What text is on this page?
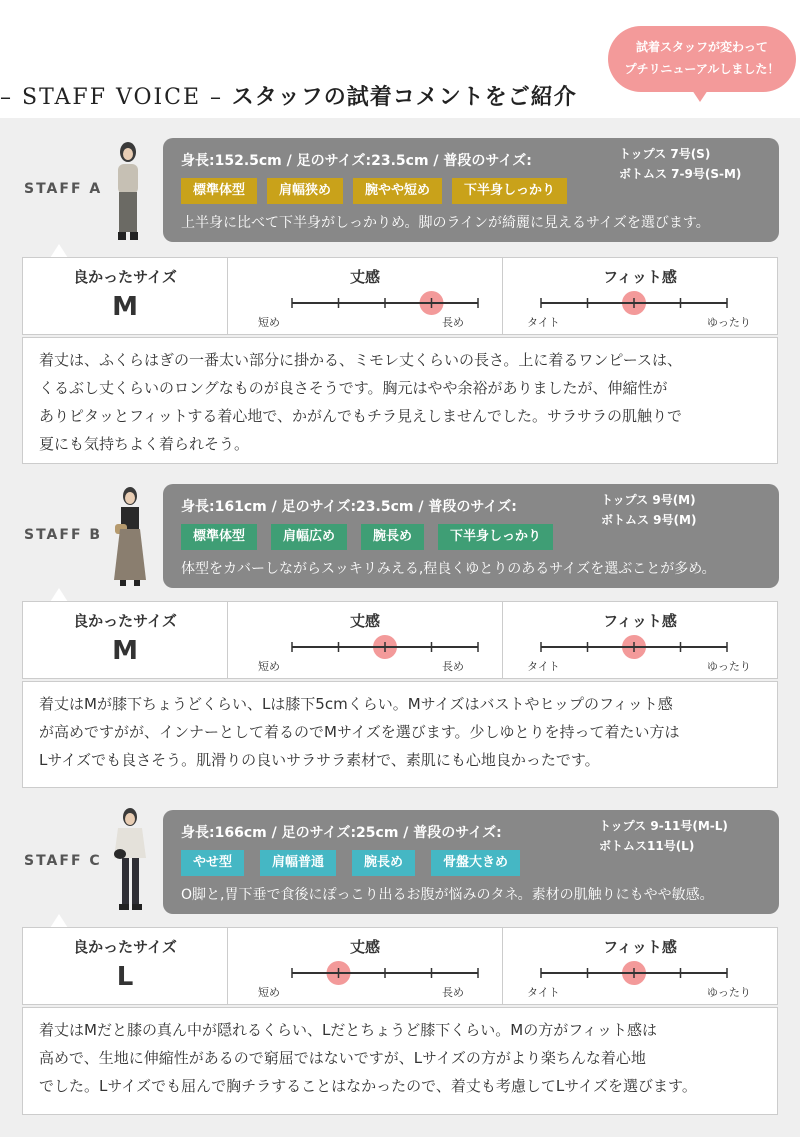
– STAFF VOICE – スタッフの試着コメントをご紹介
試着スタッフが変わって
プチリニューアルしました！
STAFF A
身長:152.5cm / 足のサイズ:23.5cm / 普段のサイズ:	トップス 7号(S)
ボトムス 7-9号(S-M)
標準体型	肩幅狭め	腕やや短め	下半身しっかり
上半身に比べて下半身がしっかりめ。脚のラインが綺麗に見えるサイズを選びます。
良かったサイズ
M
丈感
短め	長め
フィット感
タイト	ゆったり

着丈は、ふくらはぎの一番太い部分に掛かる、ミモレ丈くらいの長さ。上に着るワンピースは、

くるぶし丈くらいのロングなものが良さそうです。胸元はやや余裕がありましたが、伸縮性が

ありピタッとフィットする着心地で、かがんでもチラ見えしませんでした。サラサラの肌触りで

夏にも気持ちよく着られそう。

STAFF B
身長:161cm / 足のサイズ:23.5cm / 普段のサイズ:	トップス 9号(M)
ボトムス 9号(M)
標準体型	肩幅広め	腕長め	下半身しっかり
体型をカバーしながらスッキリみえる,程良くゆとりのあるサイズを選ぶことが多め。
良かったサイズ
M
丈感
短め	長め
フィット感
タイト	ゆったり

着丈はMが膝下ちょうどくらい、Lは膝下5cmくらい。Mサイズはバストやヒップのフィット感

が高めですがが、インナーとして着るのでMサイズを選びます。少しゆとりを持って着たい方は

Lサイズでも良さそう。肌滑りの良いサラサラ素材で、素肌にも心地良かったです。

STAFF C
身長:166cm / 足のサイズ:25cm / 普段のサイズ:	トップス 9-11号(M-L)
ボトムス11号(L)
やせ型	肩幅普通	腕長め	骨盤大きめ
O脚と,胃下垂で食後にぽっこり出るお腹が悩みのタネ。素材の肌触りにもやや敏感。
良かったサイズ
L
丈感
短め	長め
フィット感
タイト	ゆったり

着丈はMだと膝の真ん中が隠れるくらい、Lだとちょうど膝下くらい。Mの方がフィット感は

高めで、生地に伸縮性があるので窮屈ではないですが、Lサイズの方がより楽ちんな着心地

でした。Lサイズでも屈んで胸チラすることはなかったので、着丈も考慮してLサイズを選びます。
